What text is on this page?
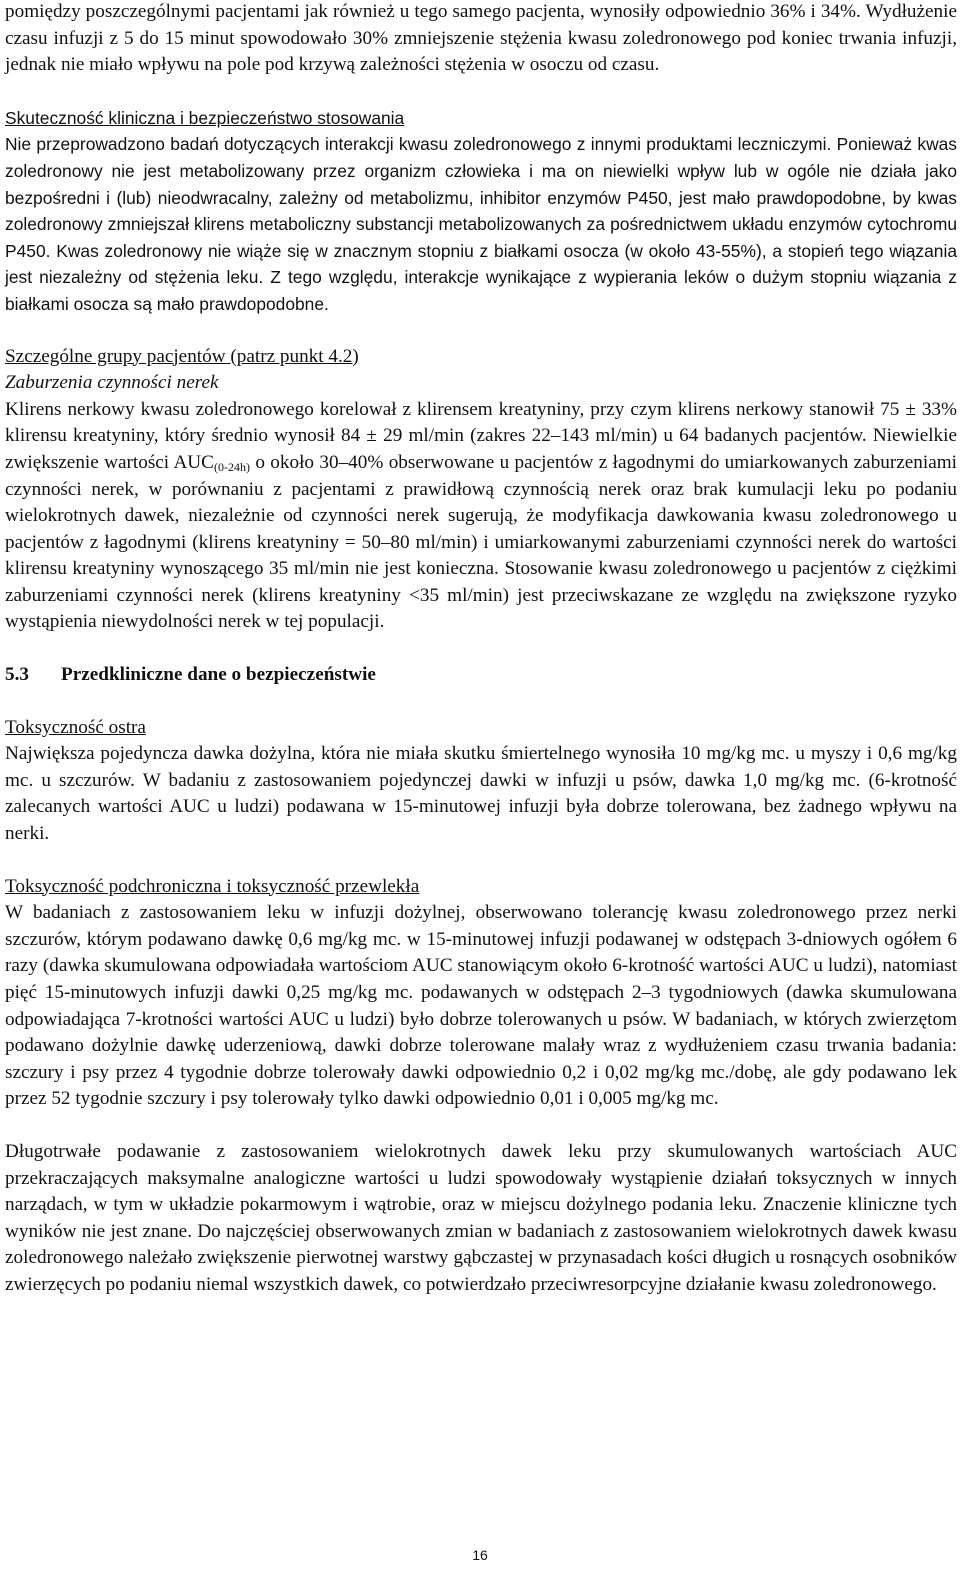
pomiędzy poszczególnymi pacjentami jak również u tego samego pacjenta, wynosiły odpowiednio 36% i 34%. Wydłużenie czasu infuzji z 5 do 15 minut spowodowało 30% zmniejszenie stężenia kwasu zoledronowego pod koniec trwania infuzji, jednak nie miało wpływu na pole pod krzywą zależności stężenia w osoczu od czasu.

Skuteczność kliniczna i bezpieczeństwo stosowania

Nie przeprowadzono badań dotyczących interakcji kwasu zoledronowego z innymi produktami leczniczymi. Ponieważ kwas zoledronowy nie jest metabolizowany przez organizm człowieka i ma on niewielki wpływ lub w ogóle nie działa jako bezpośredni i (lub) nieodwracalny, zależny od metabolizmu, inhibitor enzymów P450, jest mało prawdopodobne, by kwas zoledronowy zmniejszał klirens metaboliczny substancji metabolizowanych za pośrednictwem układu enzymów cytochromu P450. Kwas zoledronowy nie wiąże się w znacznym stopniu z białkami osocza (w około 43-55%), a stopień tego wiązania jest niezależny od stężenia leku. Z tego względu, interakcje wynikające z wypierania leków o dużym stopniu wiązania z białkami osocza są mało prawdopodobne.

Szczególne grupy pacjentów (patrz punkt 4.2)
Zaburzenia czynności nerek

Klirens nerkowy kwasu zoledronowego korelował z klirensem kreatyniny, przy czym klirens nerkowy stanowił 75 ± 33% klirensu kreatyniny, który średnio wynosił 84 ± 29 ml/min (zakres 22–143 ml/min) u 64 badanych pacjentów. Niewielkie zwiększenie wartości $AUC_{(0-24h)}$ o około 30–40% obserwowane u pacjentów z łagodnymi do umiarkowanych zaburzeniami czynności nerek, w porównaniu z pacjentami z prawidłową czynnością nerek oraz brak kumulacji leku po podaniu wielokrotnych dawek, niezależnie od czynności nerek sugerują, że modyfikacja dawkowania kwasu zoledronowego u pacjentów z łagodnymi (klirens kreatyniny = 50–80 ml/min) i umiarkowanymi zaburzeniami czynności nerek do wartości klirensu kreatyniny wynoszącego 35 ml/min nie jest konieczna. Stosowanie kwasu zoledronowego u pacjentów z ciężkimi zaburzeniami czynności nerek (klirens kreatyniny <35 ml/min) jest przeciwskazane ze względu na zwiększone ryzyko wystąpienia niewydolności nerek w tej populacji.

5.3 Przedkliniczne dane o bezpieczeństwie
Toksyczność ostra

Największa pojedyncza dawka dożylna, która nie miała skutku śmiertelnego wynosiła 10 mg/kg mc. u myszy i 0,6 mg/kg mc. u szczurów. W badaniu z zastosowaniem pojedynczej dawki w infuzji u psów, dawka 1,0 mg/kg mc. (6-krotność zalecanych wartości AUC u ludzi) podawana w 15-minutowej infuzji była dobrze tolerowana, bez żadnego wpływu na nerki.

Toksyczność podchroniczna i toksyczność przewlekła

W badaniach z zastosowaniem leku w infuzji dożylnej, obserwowano tolerancję kwasu zoledronowego przez nerki szczurów, którym podawano dawkę 0,6 mg/kg mc. w 15-minutowej infuzji podawanej w odstępach 3-dniowych ogółem 6 razy (dawka skumulowana odpowiadała wartościom AUC stanowiącym około 6-krotność wartości AUC u ludzi), natomiast pięć 15-minutowych infuzji dawki 0,25 mg/kg mc. podawanych w odstępach 2–3 tygodniowych (dawka skumulowana odpowiadająca 7-krotności wartości AUC u ludzi) było dobrze tolerowanych u psów. W badaniach, w których zwierzętom podawano dożylnie dawkę uderzeniową, dawki dobrze tolerowane malały wraz z wydłużeniem czasu trwania badania: szczury i psy przez 4 tygodnie dobrze tolerowały dawki odpowiednio 0,2 i 0,02 mg/kg mc./dobę, ale gdy podawano lek przez 52 tygodnie szczury i psy tolerowały tylko dawki odpowiednio 0,01 i 0,005 mg/kg mc.

Długotrwałe podawanie z zastosowaniem wielokrotnych dawek leku przy skumulowanych wartościach AUC przekraczających maksymalne analogiczne wartości u ludzi spowodowały wystąpienie działań toksycznych w innych narządach, w tym w układzie pokarmowym i wątrobie, oraz w miejscu dożylnego podania leku. Znaczenie kliniczne tych wyników nie jest znane. Do najczęściej obserwowanych zmian w badaniach z zastosowaniem wielokrotnych dawek kwasu zoledronowego należało zwiększenie pierwotnej warstwy gąbczastej w przynasadach kości długich u rosnących osobników zwierzęcych po podaniu niemal wszystkich dawek, co potwierdzało przeciwresorpcyjne działanie kwasu zoledronowego.

16
